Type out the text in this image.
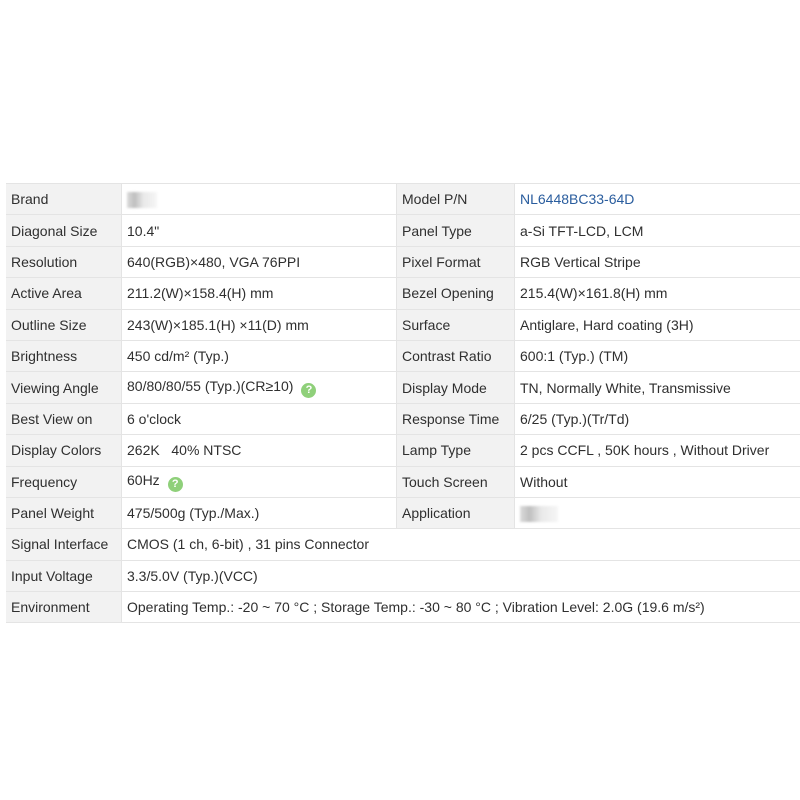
Brand		Model P/N	NL6448BC33-64D
Diagonal Size	10.4"	Panel Type	a-Si TFT-LCD, LCM
Resolution	640(RGB)×480, VGA 76PPI	Pixel Format	RGB Vertical Stripe
Active Area	211.2(W)×158.4(H) mm	Bezel Opening	215.4(W)×161.8(H) mm
Outline Size	243(W)×185.1(H) ×11(D) mm	Surface	Antiglare, Hard coating (3H)
Brightness	450 cd/m² (Typ.)	Contrast Ratio	600:1 (Typ.) (TM)
Viewing Angle	80/80/80/55 (Typ.)(CR≥10) ?	Display Mode	TN, Normally White, Transmissive
Best View on	6 o'clock	Response Time	6/25 (Typ.)(Tr/Td)
Display Colors	262K   40% NTSC	Lamp Type	2 pcs CCFL , 50K hours , Without Driver
Frequency	60Hz ?	Touch Screen	Without
Panel Weight	475/500g (Typ./Max.)	Application	
Signal Interface	CMOS (1 ch, 6-bit) , 31 pins Connector		
Input Voltage	3.3/5.0V (Typ.)(VCC)		
Environment	Operating Temp.: -20 ~ 70 °C ; Storage Temp.: -30 ~ 80 °C ; Vibration Level: 2.0G (19.6 m/s²)		
